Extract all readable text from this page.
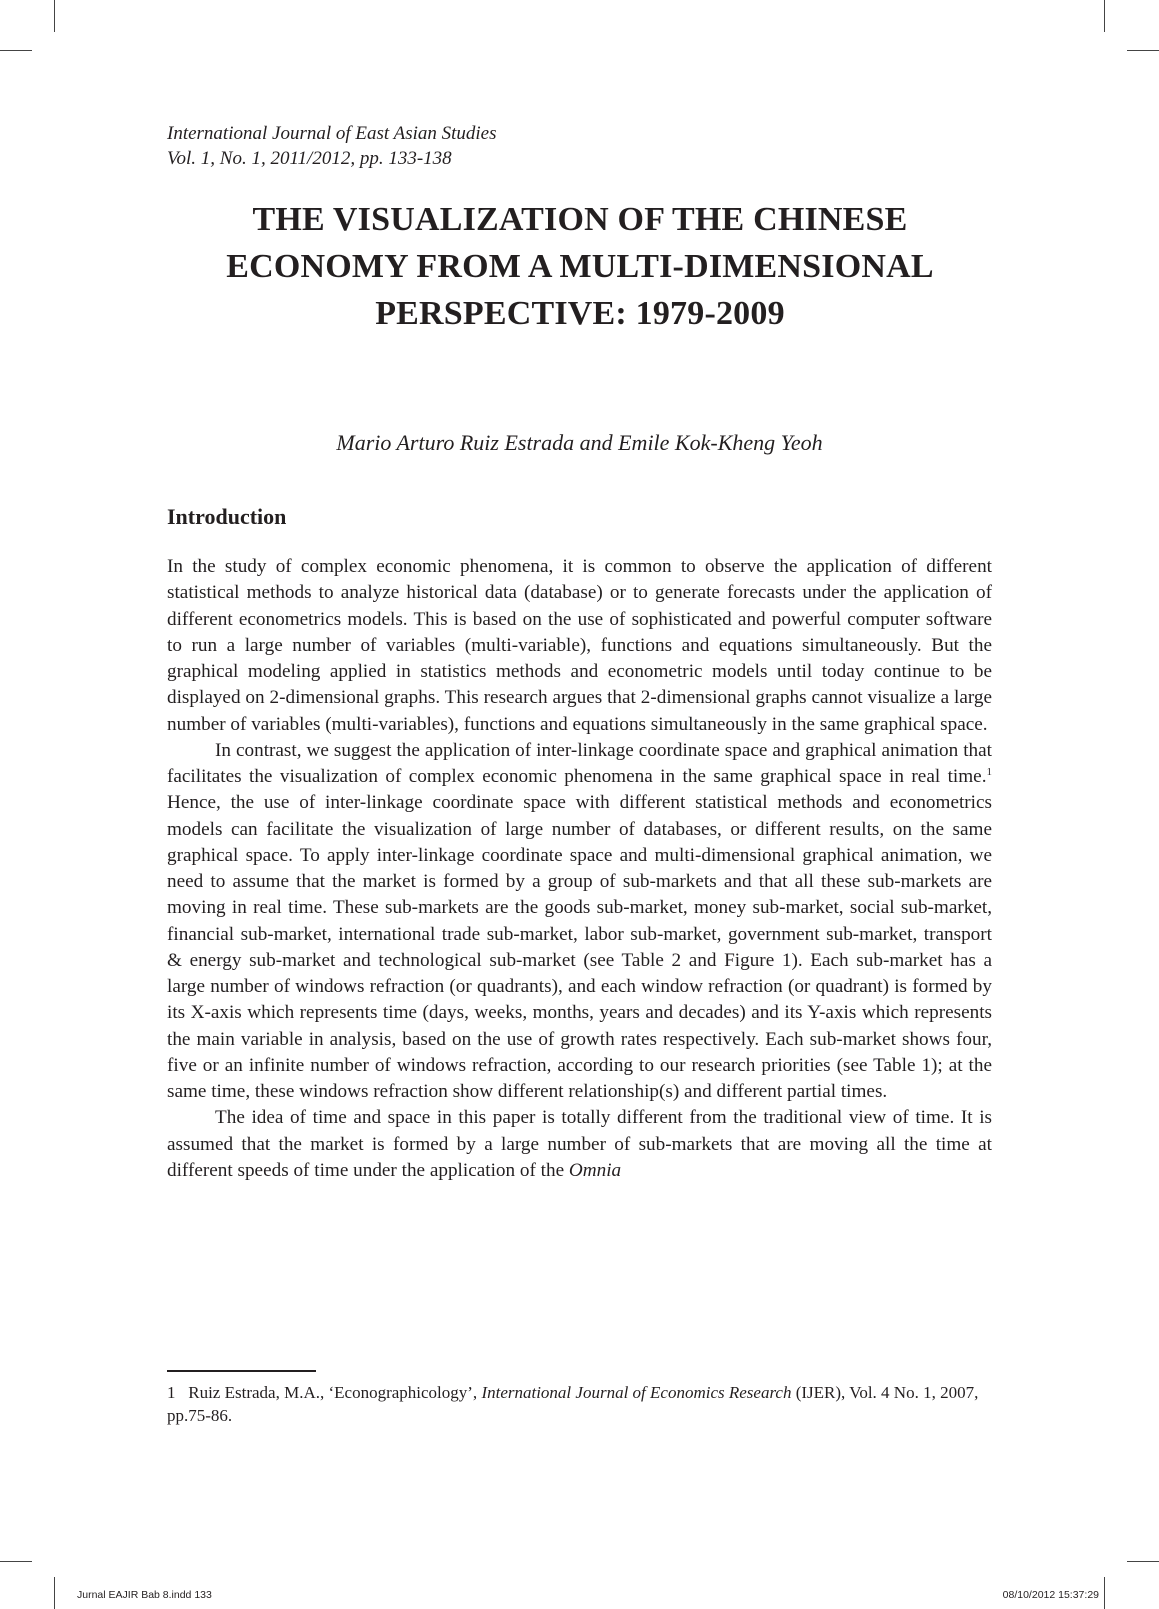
International Journal of East Asian Studies
Vol. 1, No. 1, 2011/2012, pp. 133-138
THE VISUALIZATION OF THE CHINESE
ECONOMY FROM A MULTI-DIMENSIONAL
PERSPECTIVE: 1979-2009
Mario Arturo Ruiz Estrada and Emile Kok-Kheng Yeoh
Introduction

In the study of complex economic phenomena, it is common to observe the application of different statistical methods to analyze historical data (database) or to generate forecasts under the application of different econometrics models. This is based on the use of sophisticated and powerful computer software to run a large number of variables (multi-variable), functions and equations simultaneously. But the graphical modeling applied in statistics methods and econometric models until today continue to be displayed on 2-dimensional graphs. This research argues that 2-dimensional graphs cannot visualize a large number of variables (multi-variables), functions and equations simultaneously in the same graphical space.

In contrast, we suggest the application of inter-linkage coordinate space and graphical animation that facilitates the visualization of complex economic phenomena in the same graphical space in real time.$^1$ Hence, the use of inter-linkage coordinate space with different statistical methods and econometrics models can facilitate the visualization of large number of databases, or different results, on the same graphical space. To apply inter-linkage coordinate space and multi-dimensional graphical animation, we need to assume that the market is formed by a group of sub-markets and that all these sub-markets are moving in real time. These sub-markets are the goods sub-market, money sub-market, social sub-market, financial sub-market, international trade sub-market, labor sub-market, government sub-market, transport & energy sub-market and technological sub-market (see Table 2 and Figure 1). Each sub-market has a large number of windows refraction (or quadrants), and each window refraction (or quadrant) is formed by its X-axis which represents time (days, weeks, months, years and decades) and its Y-axis which represents the main variable in analysis, based on the use of growth rates respectively. Each sub-market shows four, five or an infinite number of windows refraction, according to our research priorities (see Table 1); at the same time, these windows refraction show different relationship(s) and different partial times.

The idea of time and space in this paper is totally different from the traditional view of time. It is assumed that the market is formed by a large number of sub-markets that are moving all the time at different speeds of time under the application of the Omnia

1 Ruiz Estrada, M.A., ‘Econographicology’, International Journal of Economics Research (IJER), Vol. 4 No. 1, 2007, pp.75-86.
Jurnal EAJIR Bab 8.indd 133	08/10/2012 15:37:29
